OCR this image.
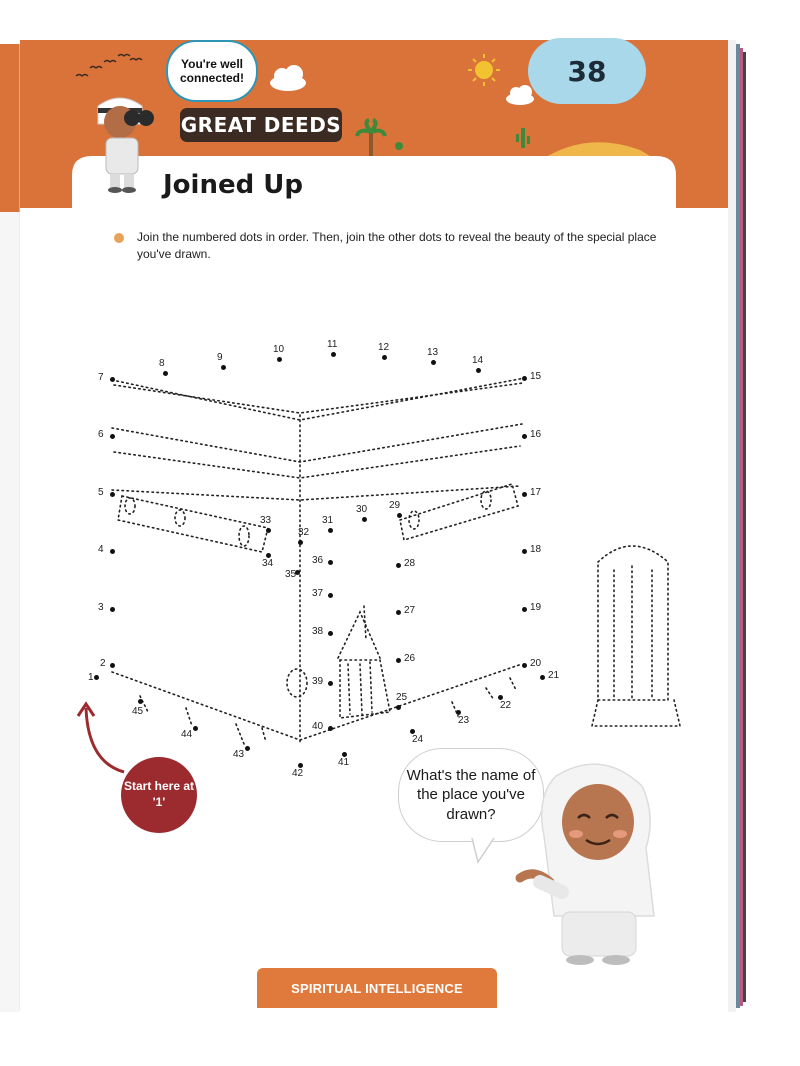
You're well connected!
GREAT DEEDS
38
Joined Up
Join the numbered dots in order. Then, join the other dots to reveal the beauty of the special place you've drawn.
1
2
3
4
5
6
7
8
9
10	11	12	13
14
15
16
17
18
19
20
21
22
23
24
25
26
27
28
29
30
31
32
33
34
35
36
37
38
39
40
41
42
43
44
45
Start here at '1'
What's the name of the place you've drawn?
SPIRITUAL INTELLIGENCE
